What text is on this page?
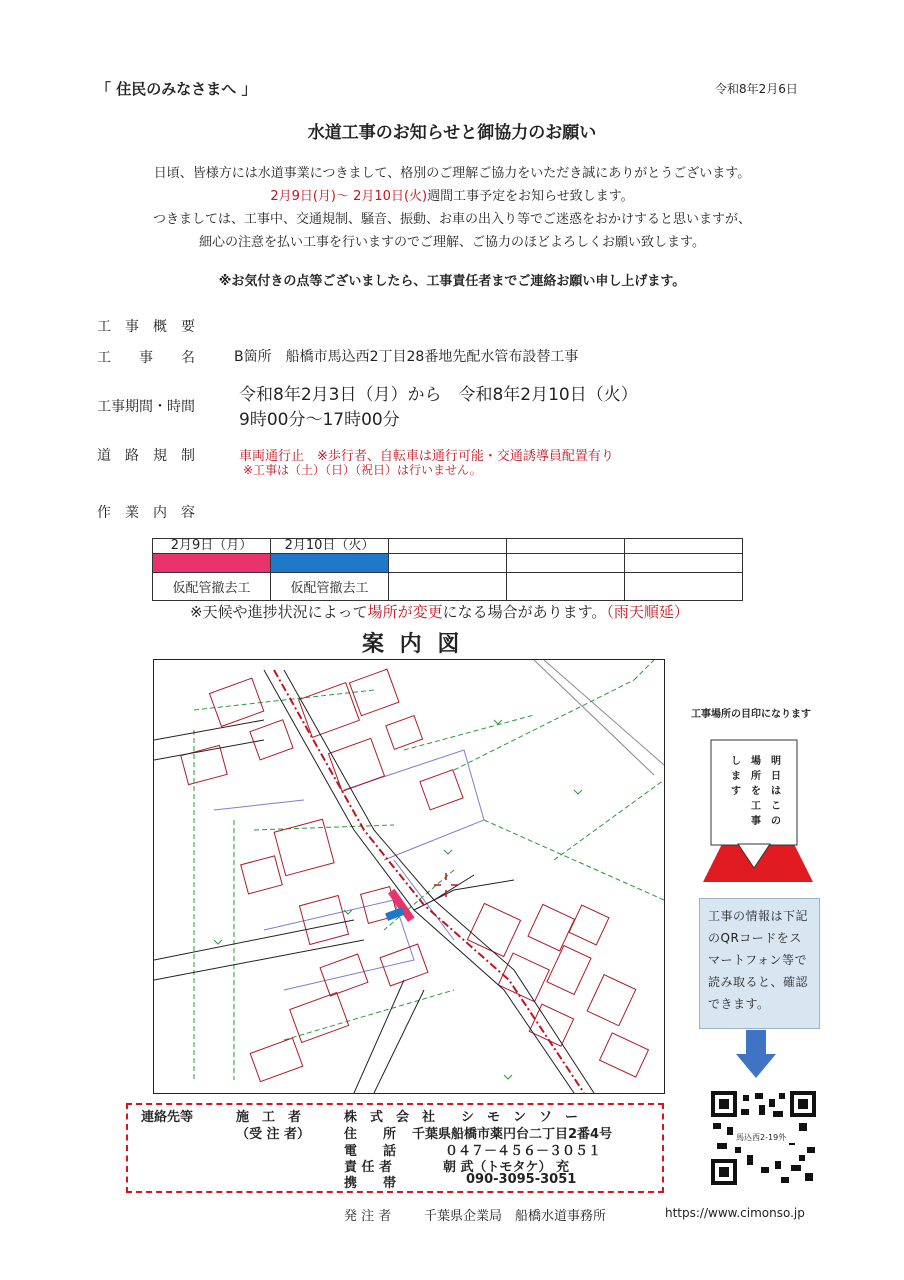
「 住民のみなさまへ 」	令和8年2月6日
水道工事のお知らせと御協力のお願い
日頃、皆様方には水道事業につきまして、格別のご理解ご協力をいただき誠にありがとうございます。
2月9日(月)～ 2月10日(火)週間工事予定をお知らせ致します。
つきましては、工事中、交通規制、騒音、振動、お車の出入り等でご迷惑をおかけすると思いますが、
細心の注意を払い工事を行いますのでご理解、ご協力のほどよろしくお願い致します。
※お気付きの点等ございましたら、工事責任者までご連絡お願い申し上げます。
工　事　概　要
工　　事　　名	B箇所　船橋市馬込西2丁目28番地先配水管布設替工事
工事期間・時間
令和8年2月3日（月）から　令和8年2月10日（火）
9時00分～17時00分
道　路　規　制	車両通行止　※歩行者、自転車は通行可能・交通誘導員配置有り
※工事は（土）（日）（祝日）は行いません。
作　業　内　容
2月9日（月）	2月10日（火）			

仮配管撤去工	仮配管撤去工			
※天候や進捗状況によって場所が変更になる場合があります。（雨天順延）
案 内 図
工事場所の目印になります
明日はこの
場所を工事
します
工事の情報は下記のQRコードをスマートフォン等で読み取ると、確認できます。
馬込西2-19外
連絡先等	施　工　者
（受 注 者）
株　式　会　社　　シ　モ　ン　ソ　ー
住　　所 千葉県船橋市薬円台二丁目2番4号
電　　話	０４７－４５６－３０５１
責 任 者	朝 武（トモタケ） 充
携　　帯	090-3095-3051
発 注 者	千葉県企業局　船橋水道事務所	https://www.cimonso.jp
